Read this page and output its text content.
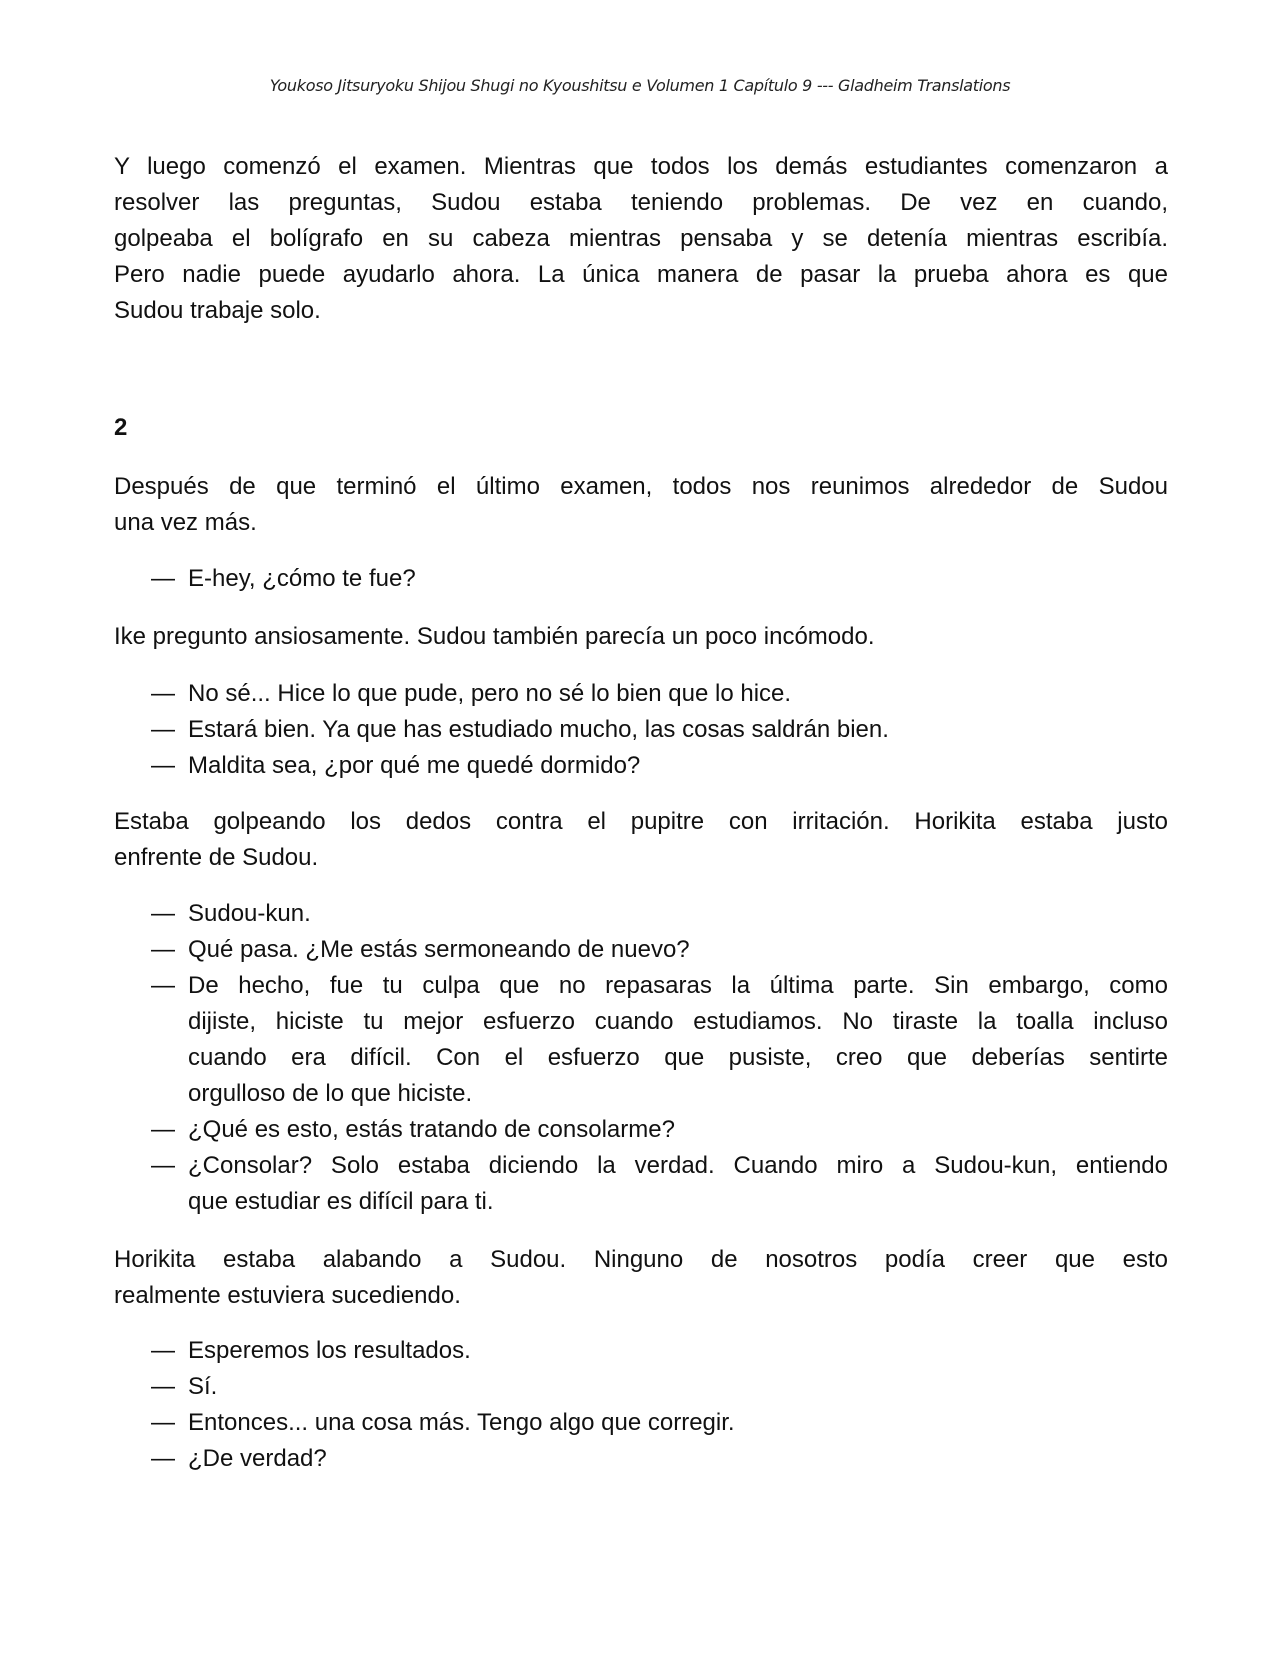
Youkoso Jitsuryoku Shijou Shugi no Kyoushitsu e Volumen 1 Capítulo 9 --- Gladheim Translations
Y luego comenzó el examen. Mientras que todos los demás estudiantes comenzaron a
resolver las preguntas, Sudou estaba teniendo problemas. De vez en cuando,
golpeaba el bolígrafo en su cabeza mientras pensaba y se detenía mientras escribía.
Pero nadie puede ayudarlo ahora. La única manera de pasar la prueba ahora es que
Sudou trabaje solo.
2
Después de que terminó el último examen, todos nos reunimos alrededor de Sudou
una vez más.
— E-hey, ¿cómo te fue?
Ike pregunto ansiosamente. Sudou también parecía un poco incómodo.
— No sé... Hice lo que pude, pero no sé lo bien que lo hice.
— Estará bien. Ya que has estudiado mucho, las cosas saldrán bien.
— Maldita sea, ¿por qué me quedé dormido?
Estaba golpeando los dedos contra el pupitre con irritación. Horikita estaba justo
enfrente de Sudou.
— Sudou-kun.
— Qué pasa. ¿Me estás sermoneando de nuevo?
— De hecho, fue tu culpa que no repasaras la última parte. Sin embargo, como
dijiste, hiciste tu mejor esfuerzo cuando estudiamos. No tiraste la toalla incluso
cuando era difícil. Con el esfuerzo que pusiste, creo que deberías sentirte
orgulloso de lo que hiciste.
— ¿Qué es esto, estás tratando de consolarme?
— ¿Consolar? Solo estaba diciendo la verdad. Cuando miro a Sudou-kun, entiendo
que estudiar es difícil para ti.
Horikita estaba alabando a Sudou. Ninguno de nosotros podía creer que esto
realmente estuviera sucediendo.
— Esperemos los resultados.
— Sí.
— Entonces... una cosa más. Tengo algo que corregir.
— ¿De verdad?
